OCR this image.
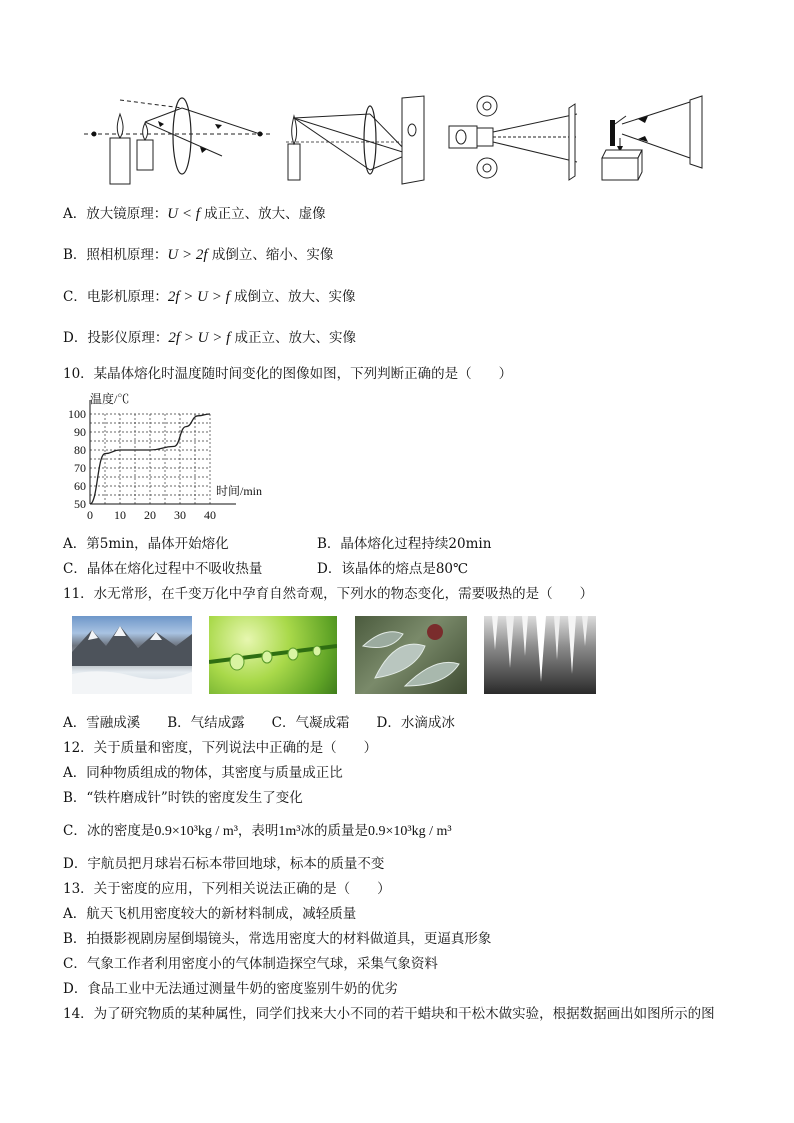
A．放大镜原理：U < f 成正立、放大、虚像
B．照相机原理：U > 2f 成倒立、缩小、实像
C．电影机原理：2f > U > f 成倒立、放大、实像
D．投影仪原理：2f > U > f 成正立、放大、实像
10．某晶体熔化时温度随时间变化的图像如图，下列判断正确的是（　　）
0 10 20 30 40
50
60
70
80
90
100
温度/℃
时间/min
A．第5min，晶体开始熔化	B．晶体熔化过程持续20min
C．晶体在熔化过程中不吸收热量	D．该晶体的熔点是80℃
11．水无常形，在千变万化中孕育自然奇观，下列水的物态变化，需要吸热的是（　　）
A．雪融成溪　　B．气结成露　　C．气凝成霜　　D．水滴成冰
12．关于质量和密度，下列说法中正确的是（　　）
A．同种物质组成的物体，其密度与质量成正比
B．“铁杵磨成针”时铁的密度发生了变化
C．冰的密度是0.9×10³kg / m³，表明1m³冰的质量是0.9×10³kg / m³
D．宇航员把月球岩石标本带回地球，标本的质量不变
13．关于密度的应用，下列相关说法正确的是（　　）
A．航天飞机用密度较大的新材料制成，减轻质量
B．拍摄影视剧房屋倒塌镜头，常选用密度大的材料做道具，更逼真形象
C．气象工作者利用密度小的气体制造探空气球，采集气象资料
D．食品工业中无法通过测量牛奶的密度鉴别牛奶的优劣
14．为了研究物质的某种属性，同学们找来大小不同的若干蜡块和干松木做实验，根据数据画出如图所示的图
